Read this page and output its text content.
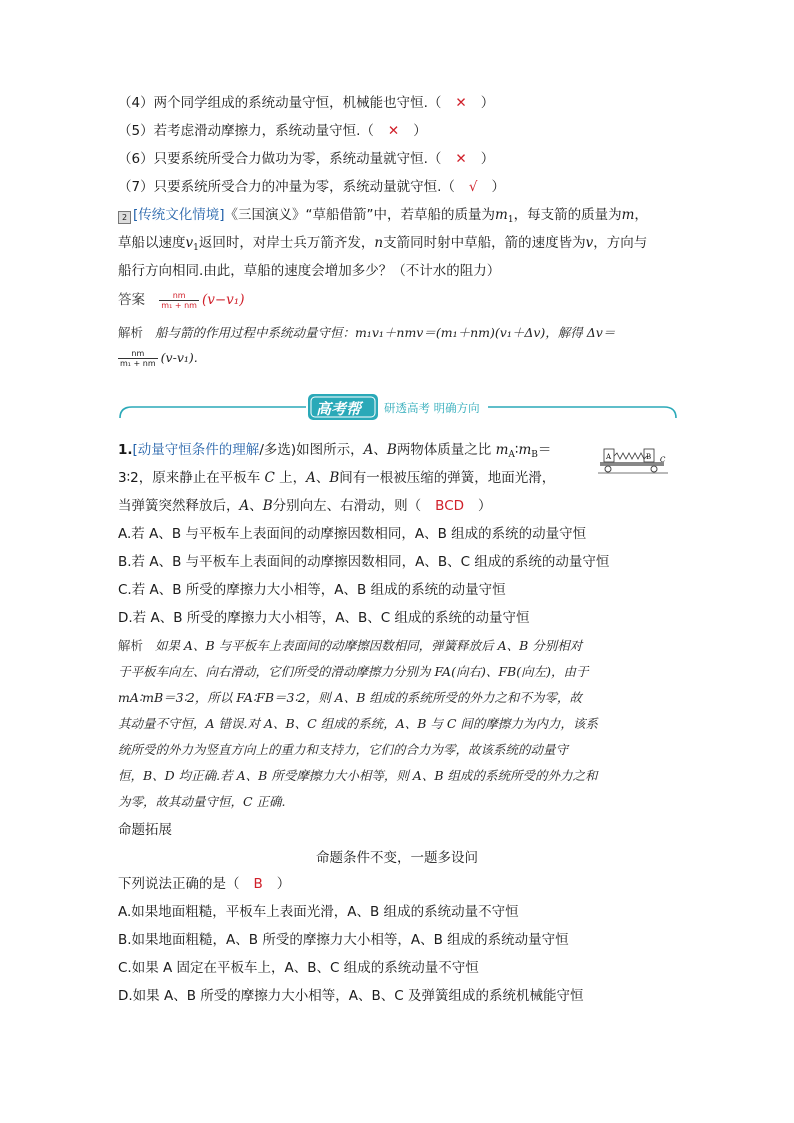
（4）两个同学组成的系统动量守恒，机械能也守恒.（ ✕ ）
（5）若考虑滑动摩擦力，系统动量守恒.（ ✕ ）
（6）只要系统所受合力做功为零，系统动量就守恒.（ ✕ ）
（7）只要系统所受合力的冲量为零，系统动量就守恒.（ √ ）
2 [传统文化情境]《三国演义》“草船借箭”中，若草船的质量为$m_1$，每支箭的质量为m，
草船以速度$v_1$返回时，对岸士兵万箭齐发，n支箭同时射中草船，箭的速度皆为v，方向与
船行方向相同.由此，草船的速度会增加多少？（不计水的阻力）
答案 $\frac{nm}{\text{m₁ + nm}} (v-v_1)$
解析 船与箭的作用过程中系统动量守恒：m₁v₁＋nmv＝(m₁＋nm)(v₁＋Δv)，解得 Δv＝
$\frac{nm}{\text{m₁ + nm}} (v-v_1)$.
高考帮 研透高考 明确方向
1.[动量守恒条件的理解/多选)如图所示，A、B两物体质量之比 $m_A∶m_B=$
3∶2，原来静止在平板车 C 上，A、B间有一根被压缩的弹簧，地面光滑，
当弹簧突然释放后，A、B分别向左、右滑动，则（ BCD ）
A	B C
A.若 A、B 与平板车上表面间的动摩擦因数相同，A、B 组成的系统的动量守恒
B.若 A、B 与平板车上表面间的动摩擦因数相同，A、B、C 组成的系统的动量守恒
C.若 A、B 所受的摩擦力大小相等，A、B 组成的系统的动量守恒
D.若 A、B 所受的摩擦力大小相等，A、B、C 组成的系统的动量守恒
解析 如果 A、B 与平板车上表面间的动摩擦因数相同，弹簧释放后 A、B 分别相对
于平板车向左、向右滑动，它们所受的滑动摩擦力分别为 FA(向右)、FB(向左)，由于
mA∶mB＝3∶2，所以 FA∶FB＝3∶2，则 A、B 组成的系统所受的外力之和不为零，故
其动量不守恒，A 错误.对 A、B、C 组成的系统，A、B 与 C 间的摩擦力为内力，该系
统所受的外力为竖直方向上的重力和支持力，它们的合力为零，故该系统的动量守
恒，B、D 均正确.若 A、B 所受摩擦力大小相等，则 A、B 组成的系统所受的外力之和
为零，故其动量守恒，C 正确.
命题拓展
命题条件不变，一题多设问
下列说法正确的是（ B ）
A.如果地面粗糙，平板车上表面光滑，A、B 组成的系统动量不守恒
B.如果地面粗糙，A、B 所受的摩擦力大小相等，A、B 组成的系统动量守恒
C.如果 A 固定在平板车上，A、B、C 组成的系统动量不守恒
D.如果 A、B 所受的摩擦力大小相等，A、B、C 及弹簧组成的系统机械能守恒
